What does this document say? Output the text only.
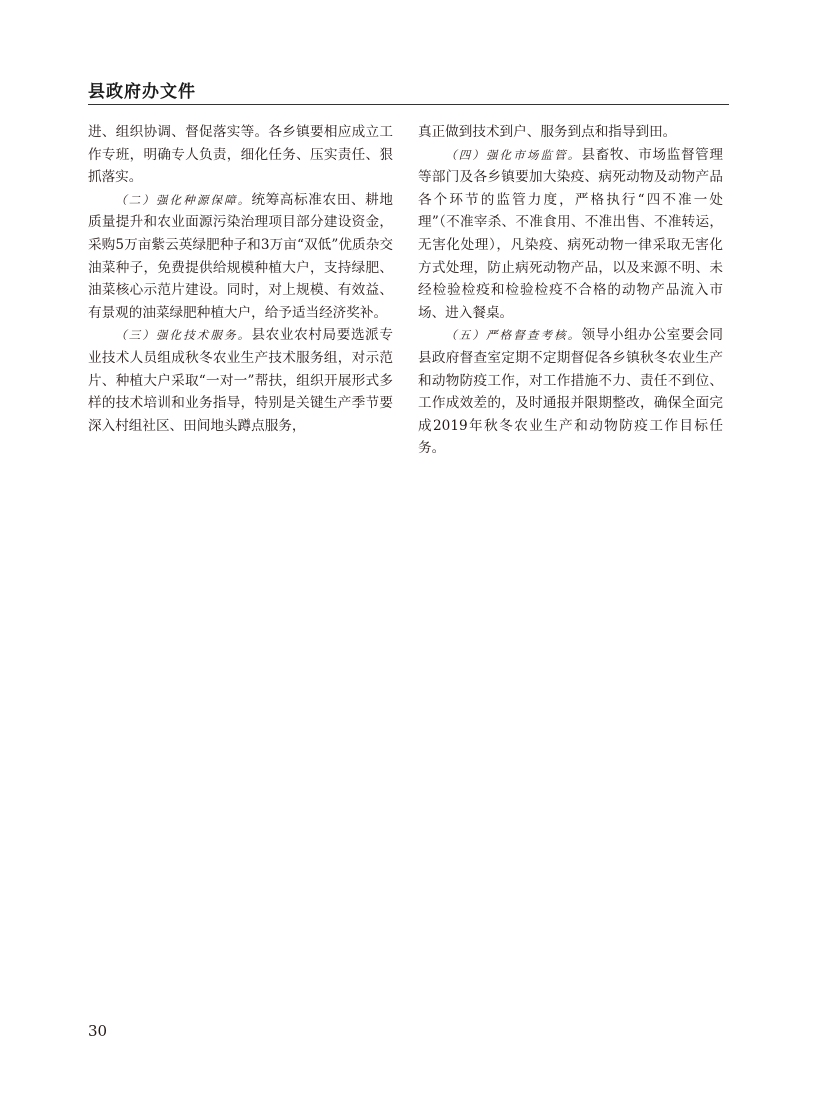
县政府办文件

进、组织协调、督促落实等。各乡镇要相应成立工作专班，明确专人负责，细化任务、压实责任、狠抓落实。

（二）强化种源保障。统筹高标准农田、耕地质量提升和农业面源污染治理项目部分建设资金，采购5万亩紫云英绿肥种子和3万亩“双低”优质杂交油菜种子，免费提供给规模种植大户，支持绿肥、油菜核心示范片建设。同时，对上规模、有效益、有景观的油菜绿肥种植大户，给予适当经济奖补。

（三）强化技术服务。县农业农村局要选派专业技术人员组成秋冬农业生产技术服务组，对示范片、种植大户采取“一对一”帮扶，组织开展形式多样的技术培训和业务指导，特别是关键生产季节要深入村组社区、田间地头蹲点服务，

真正做到技术到户、服务到点和指导到田。

（四）强化市场监管。县畜牧、市场监督管理等部门及各乡镇要加大染疫、病死动物及动物产品各个环节的监管力度，严格执行“四不准一处理”（不准宰杀、不准食用、不准出售、不准转运，无害化处理），凡染疫、病死动物一律采取无害化方式处理，防止病死动物产品，以及来源不明、未经检验检疫和检验检疫不合格的动物产品流入市场、进入餐桌。

（五）严格督查考核。领导小组办公室要会同县政府督查室定期不定期督促各乡镇秋冬农业生产和动物防疫工作，对工作措施不力、责任不到位、工作成效差的，及时通报并限期整改，确保全面完成2019年秋冬农业生产和动物防疫工作目标任务。

30
